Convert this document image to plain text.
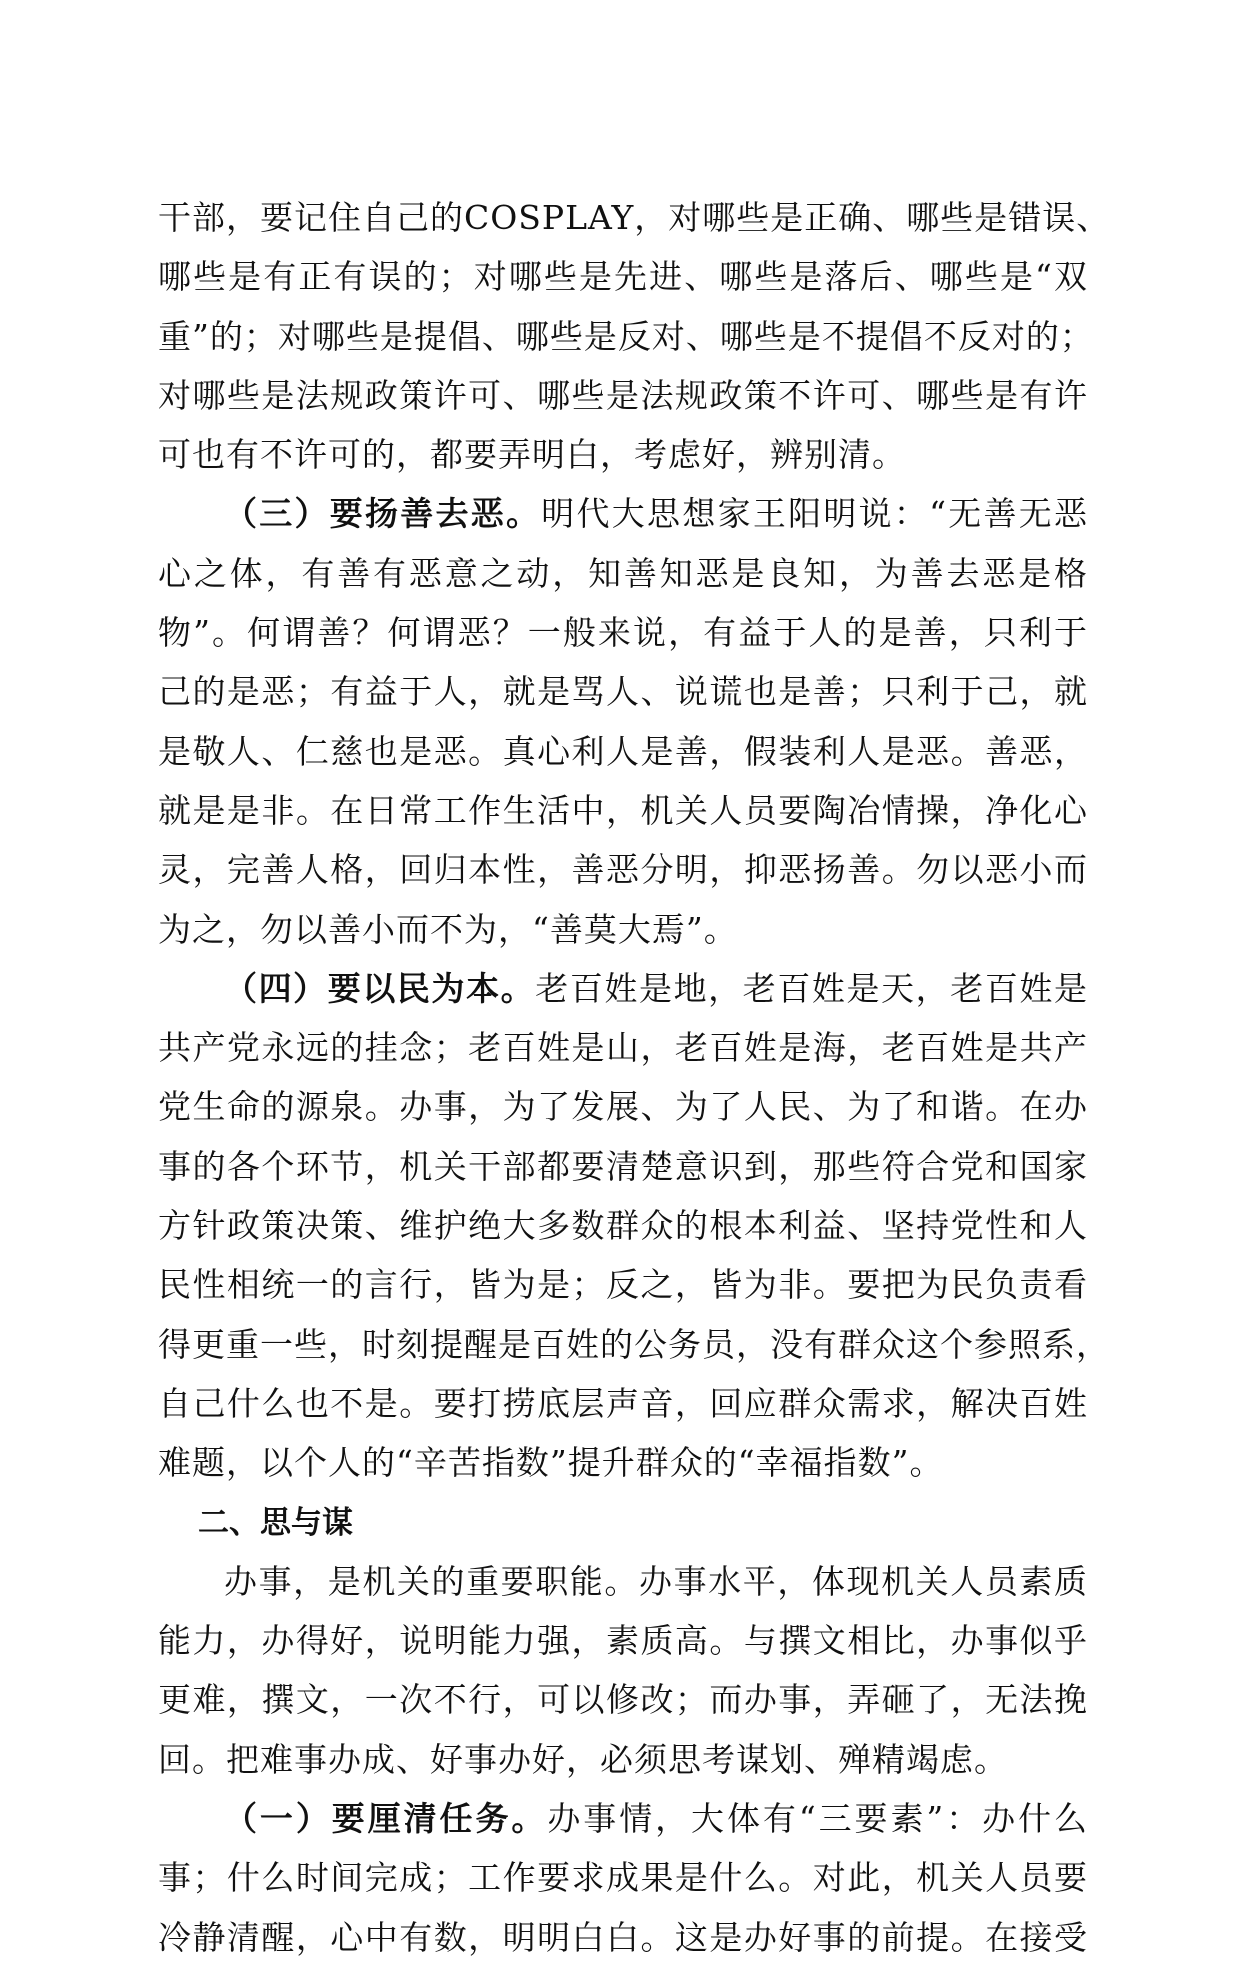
干部，要记住自己的COSPLAY，对哪些是正确、哪些是错误、
哪些是有正有误的；对哪些是先进、哪些是落后、哪些是“双
重”的；对哪些是提倡、哪些是反对、哪些是不提倡不反对的；
对哪些是法规政策许可、哪些是法规政策不许可、哪些是有许
可也有不许可的，都要弄明白，考虑好，辨别清。
（三）要扬善去恶。明代大思想家王阳明说：“无善无恶
心之体，有善有恶意之动，知善知恶是良知，为善去恶是格
物”。何谓善？何谓恶？一般来说，有益于人的是善，只利于
己的是恶；有益于人，就是骂人、说谎也是善；只利于己，就
是敬人、仁慈也是恶。真心利人是善，假装利人是恶。善恶，
就是是非。在日常工作生活中，机关人员要陶冶情操，净化心
灵，完善人格，回归本性，善恶分明，抑恶扬善。勿以恶小而
为之，勿以善小而不为，“善莫大焉”。
（四）要以民为本。老百姓是地，老百姓是天，老百姓是
共产党永远的挂念；老百姓是山，老百姓是海，老百姓是共产
党生命的源泉。办事，为了发展、为了人民、为了和谐。在办
事的各个环节，机关干部都要清楚意识到，那些符合党和国家
方针政策决策、维护绝大多数群众的根本利益、坚持党性和人
民性相统一的言行，皆为是；反之，皆为非。要把为民负责看
得更重一些，时刻提醒是百姓的公务员，没有群众这个参照系，
自己什么也不是。要打捞底层声音，回应群众需求，解决百姓
难题，以个人的“辛苦指数”提升群众的“幸福指数”。
二、思与谋
办事，是机关的重要职能。办事水平，体现机关人员素质
能力，办得好，说明能力强，素质高。与撰文相比，办事似乎
更难，撰文，一次不行，可以修改；而办事，弄砸了，无法挽
回。把难事办成、好事办好，必须思考谋划、殚精竭虑。
（一）要厘清任务。办事情，大体有“三要素”：办什么
事；什么时间完成；工作要求成果是什么。对此，机关人员要
冷静清醒，心中有数，明明白白。这是办好事的前提。在接受
